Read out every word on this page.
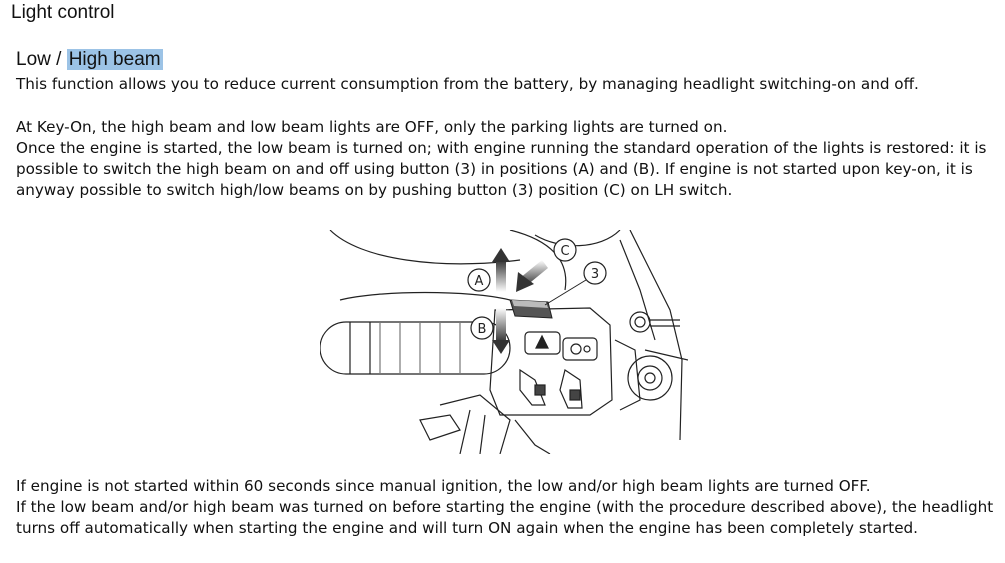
Light control
Low / High beam
This function allows you to reduce current consumption from the battery, by managing headlight switching-on and off.
At Key-On, the high beam and low beam lights are OFF, only the parking lights are turned on.
Once the engine is started, the low beam is turned on; with engine running the standard operation of the lights is restored: it is possible to switch the high beam on and off using button (3) in positions (A) and (B). If engine is not started upon key-on, it is anyway possible to switch high/low beams on by pushing button (3) position (C) on LH switch.
A
B
C
3
If engine is not started within 60 seconds since manual ignition, the low and/or high beam lights are turned OFF.
If the low beam and/or high beam was turned on before starting the engine (with the procedure described above), the headlight turns off automatically when starting the engine and will turn ON again when the engine has been completely started.
